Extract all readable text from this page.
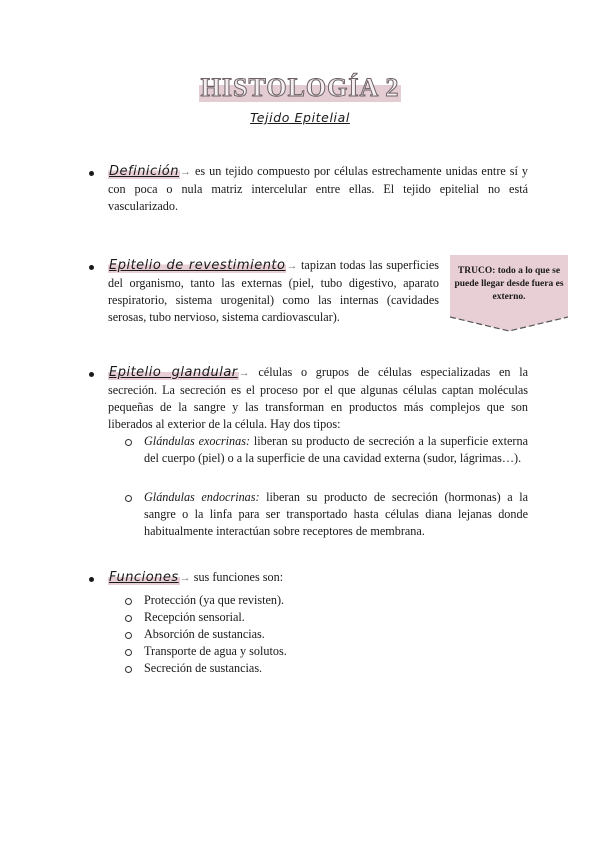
HISTOLOGÍA 2
Tejido Epitelial
Definición→ es un tejido compuesto por células estrechamente unidas entre sí y con poca o nula matriz intercelular entre ellas. El tejido epitelial no está vascularizado.
Epitelio de revestimiento→ tapizan todas las superficies del organismo, tanto las externas (piel, tubo digestivo, aparato respiratorio, sistema urogenital) como las internas (cavidades serosas, tubo nervioso, sistema cardiovascular).
TRUCO: todo a lo que se puede llegar desde fuera es externo.
Epitelio glandular→ células o grupos de células especializadas en la secreción. La secreción es el proceso por el que algunas células captan moléculas pequeñas de la sangre y las transforman en productos más complejos que son liberados al exterior de la célula. Hay dos tipos:
Glándulas exocrinas: liberan su producto de secreción a la superficie externa del cuerpo (piel) o a la superficie de una cavidad externa (sudor, lágrimas…).
Glándulas endocrinas: liberan su producto de secreción (hormonas) a la sangre o la linfa para ser transportado hasta células diana lejanas donde habitualmente interactúan sobre receptores de membrana.
Funciones→ sus funciones son:
Protección (ya que revisten).
Recepción sensorial.
Absorción de sustancias.
Transporte de agua y solutos.
Secreción de sustancias.
